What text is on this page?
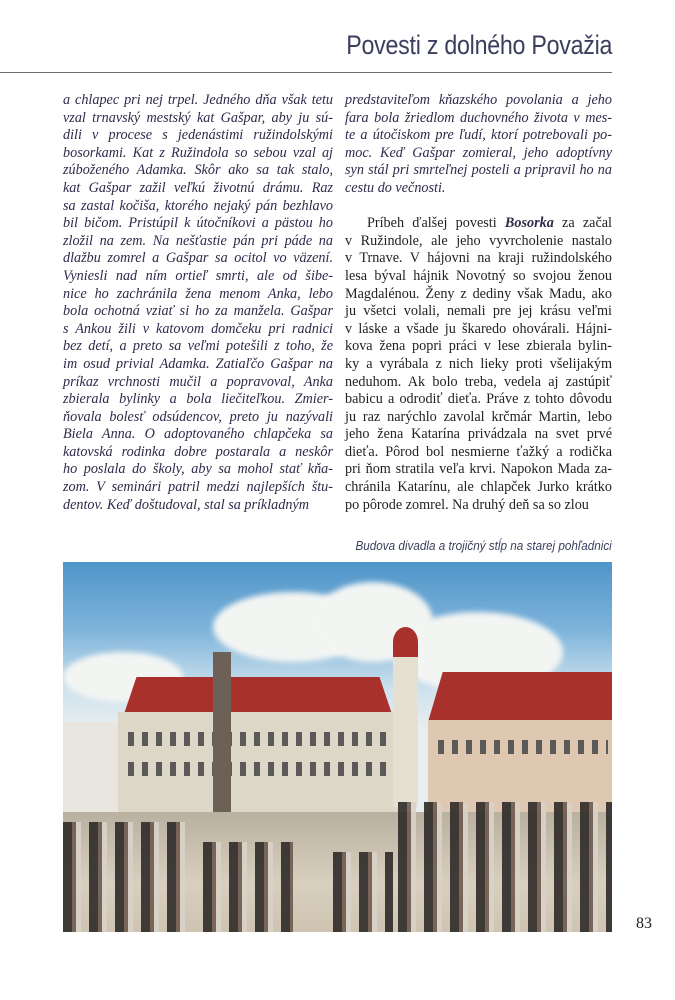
Povesti z dolného Považia
a chlapec pri nej trpel. Jedného dňa však tetu
vzal trnavský mestský kat Gašpar, aby ju sú-
dili v procese s jedenástimi ružindolskými
bosorkami. Kat z Ružindola so sebou vzal aj
zúboženého Adamka. Skôr ako sa tak stalo,
kat Gašpar zažil veľkú životnú drámu. Raz
sa zastal kočiša, ktorého nejaký pán bezhlavo
bil bičom. Pristúpil k útočníkovi a pästou ho
zložil na zem. Na nešťastie pán pri páde na
dlažbu zomrel a Gašpar sa ocitol vo väzení.
Vyniesli nad ním ortieľ smrti, ale od šibe-
nice ho zachránila žena menom Anka, lebo
bola ochotná vziať si ho za manžela. Gašpar
s Ankou žili v katovom domčeku pri radnici
bez detí, a preto sa veľmi potešili z toho, že
im osud privial Adamka. Zatiaľčo Gašpar na
príkaz vrchnosti mučil a popravoval, Anka
zbierala bylinky a bola liečiteľkou. Zmier-
ňovala bolesť odsúdencov, preto ju nazývali
Biela Anna. O adoptovaného chlapčeka sa
katovská rodinka dobre postarala a neskôr
ho poslala do školy, aby sa mohol stať kňa-
zom. V seminári patril medzi najlepších štu-
dentov. Keď doštudoval, stal sa príkladným
predstaviteľom kňazského povolania a jeho
fara bola žriedlom duchovného života v mes-
te a útočiskom pre ľudí, ktorí potrebovali po-
moc. Keď Gašpar zomieral, jeho adoptívny
syn stál pri smrteľnej posteli a pripravil ho na
cestu do večnosti.
Príbeh ďalšej povesti Bosorka za začal
v Ružindole, ale jeho vyvrcholenie nastalo
v Trnave. V hájovni na kraji ružindolského
lesa býval hájnik Novotný so svojou ženou
Magdalénou. Ženy z dediny však Madu, ako
ju všetci volali, nemali pre jej krásu veľmi
v láske a všade ju škaredo ohovárali. Hájni-
kova žena popri práci v lese zbierala bylin-
ky a vyrábala z nich lieky proti všelijakým
neduhom. Ak bolo treba, vedela aj zastúpiť
babicu a odrodiť dieťa. Práve z tohto dôvodu
ju raz narýchlo zavolal krčmár Martin, lebo
jeho žena Katarína privádzala na svet prvé
dieťa. Pôrod bol nesmierne ťažký a rodička
pri ňom stratila veľa krvi. Napokon Mada za-
chránila Katarínu, ale chlapček Jurko krátko
po pôrode zomrel. Na druhý deň sa so zlou
Budova divadla a trojičný stĺp na starej pohľadnici
83
